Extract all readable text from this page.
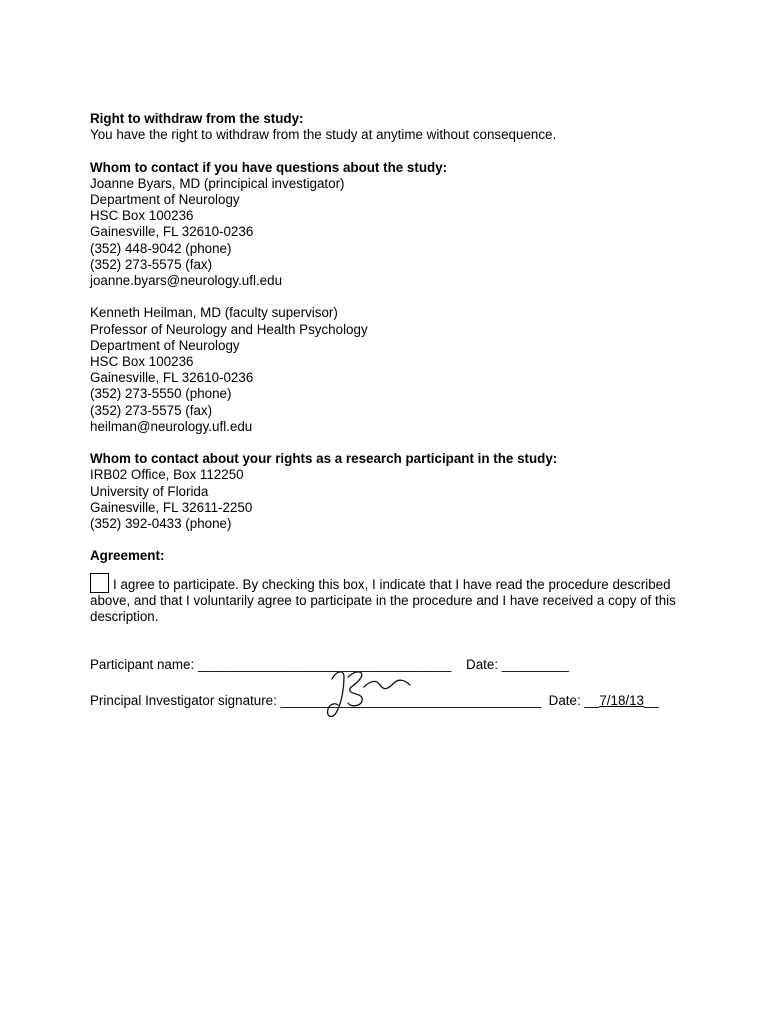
Right to withdraw from the study:
You have the right to withdraw from the study at anytime without consequence.
Whom to contact if you have questions about the study:
Joanne Byars, MD (principical investigator)
Department of Neurology
HSC Box 100236
Gainesville, FL 32610-0236
(352) 448-9042 (phone)
(352) 273-5575 (fax)
joanne.byars@neurology.ufl.edu
Kenneth Heilman, MD (faculty supervisor)
Professor of Neurology and Health Psychology
Department of Neurology
HSC Box 100236
Gainesville, FL 32610-0236
(352) 273-5550 (phone)
(352) 273-5575 (fax)
heilman@neurology.ufl.edu
Whom to contact about your rights as a research participant in the study:
IRB02 Office, Box 112250
University of Florida
Gainesville, FL 32611-2250
(352) 392-0433 (phone)
Agreement:
I agree to participate. By checking this box, I indicate that I have read the procedure described above, and that I voluntarily agree to participate in the procedure and I have received a copy of this description.
Participant name: __________________________________ Date: _________
Principal Investigator signature: ___________________________________ Date: __7/18/13__
